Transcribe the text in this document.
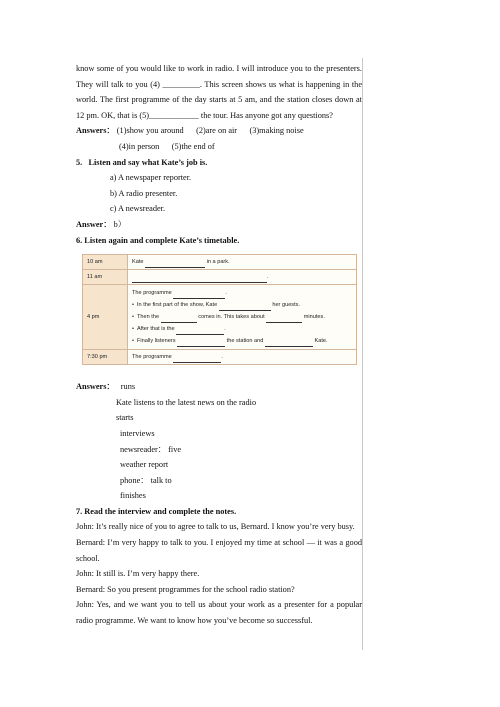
know some of you would like to work in radio. I will introduce you to the presenters. They will talk to you (4) _________. This screen shows us what is happening in the world. The first programme of the day starts at 5 am, and the station closes down at 12 pm. OK, that is (5)____________ the tour. Has anyone got any questions?

Answers： (1)show you around      (2)are on air      (3)making noise
(4)in person      (5)the end of
5.   Listen and say what Kate’s job is.
a) A newspaper reporter.
b) A radio presenter.
c) A newsreader.
Answer： b）
6. Listen again and complete Kate’s timetable.
10 am	Kate	in a park.
11 am	.
4 pm
The programme	.
• In the first part of the show, Kate	her guests.
• Then the	comes in. This takes about	minutes.
• After that is the	.
• Finally listeners	the station and	Kate.
7:30 pm	The programme	.
Answers： runs
Kate listens to the latest news on the radio
starts
interviews
newsreader： five
weather report
phone： talk to
finishes
7. Read the interview and complete the notes.

John: It’s really nice of you to agree to talk to us, Bernard. I know you’re very busy.

Bernard: I’m very happy to talk to you. I enjoyed my time at school — it was a good school.

John: It still is. I’m very happy there.

Bernard: So you present programmes for the school radio station?

John: Yes, and we want you to tell us about your work as a presenter for a popular radio programme. We want to know how you’ve become so successful.
